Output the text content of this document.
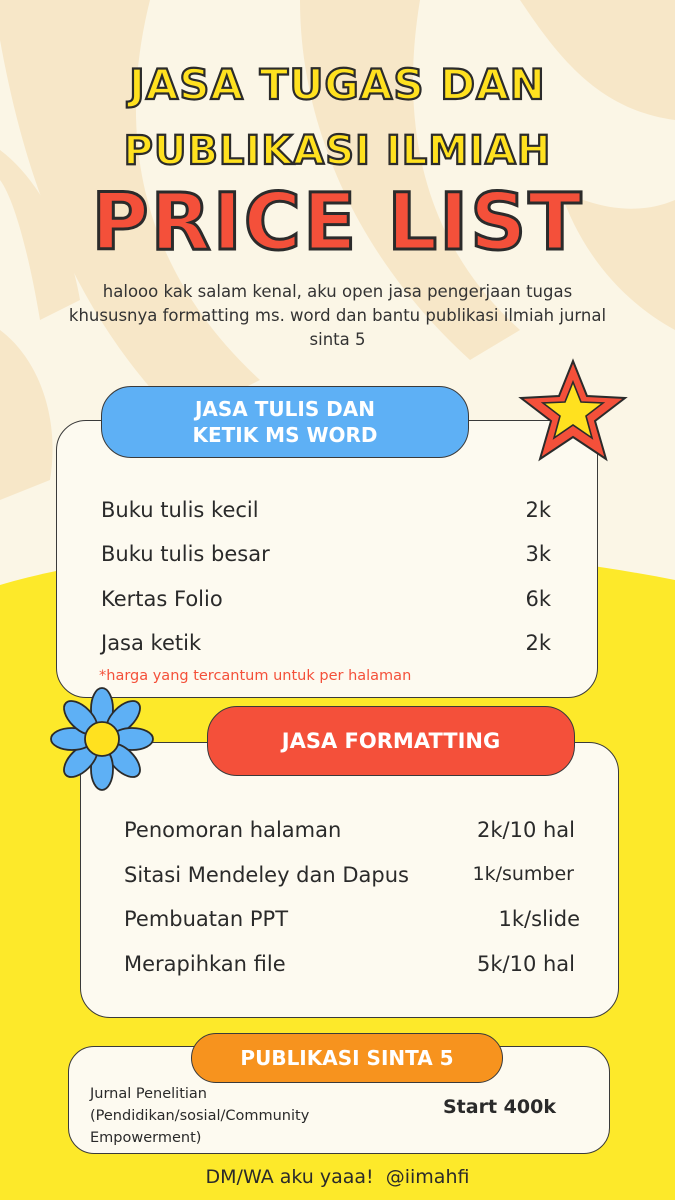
JASA TUGAS DAN
PUBLIKASI ILMIAH
PRICE LIST
halooo kak salam kenal, aku open jasa pengerjaan tugas khususnya formatting ms. word dan bantu publikasi ilmiah jurnal sinta 5
JASA TULIS DAN
KETIK MS WORD
Buku tulis kecil	2k
Buku tulis besar	3k
Kertas Folio	6k
Jasa ketik	2k
*harga yang tercantum untuk per halaman
JASA FORMATTING
Penomoran halaman	2k/10 hal
Sitasi Mendeley dan Dapus	1k/sumber
Pembuatan PPT	1k/slide
Merapihkan file	5k/10 hal
PUBLIKASI SINTA 5
Jurnal Penelitian
(Pendidikan/sosial/Community
Empowerment)
Start 400k
DM/WA aku yaaa!  @iimahfi
